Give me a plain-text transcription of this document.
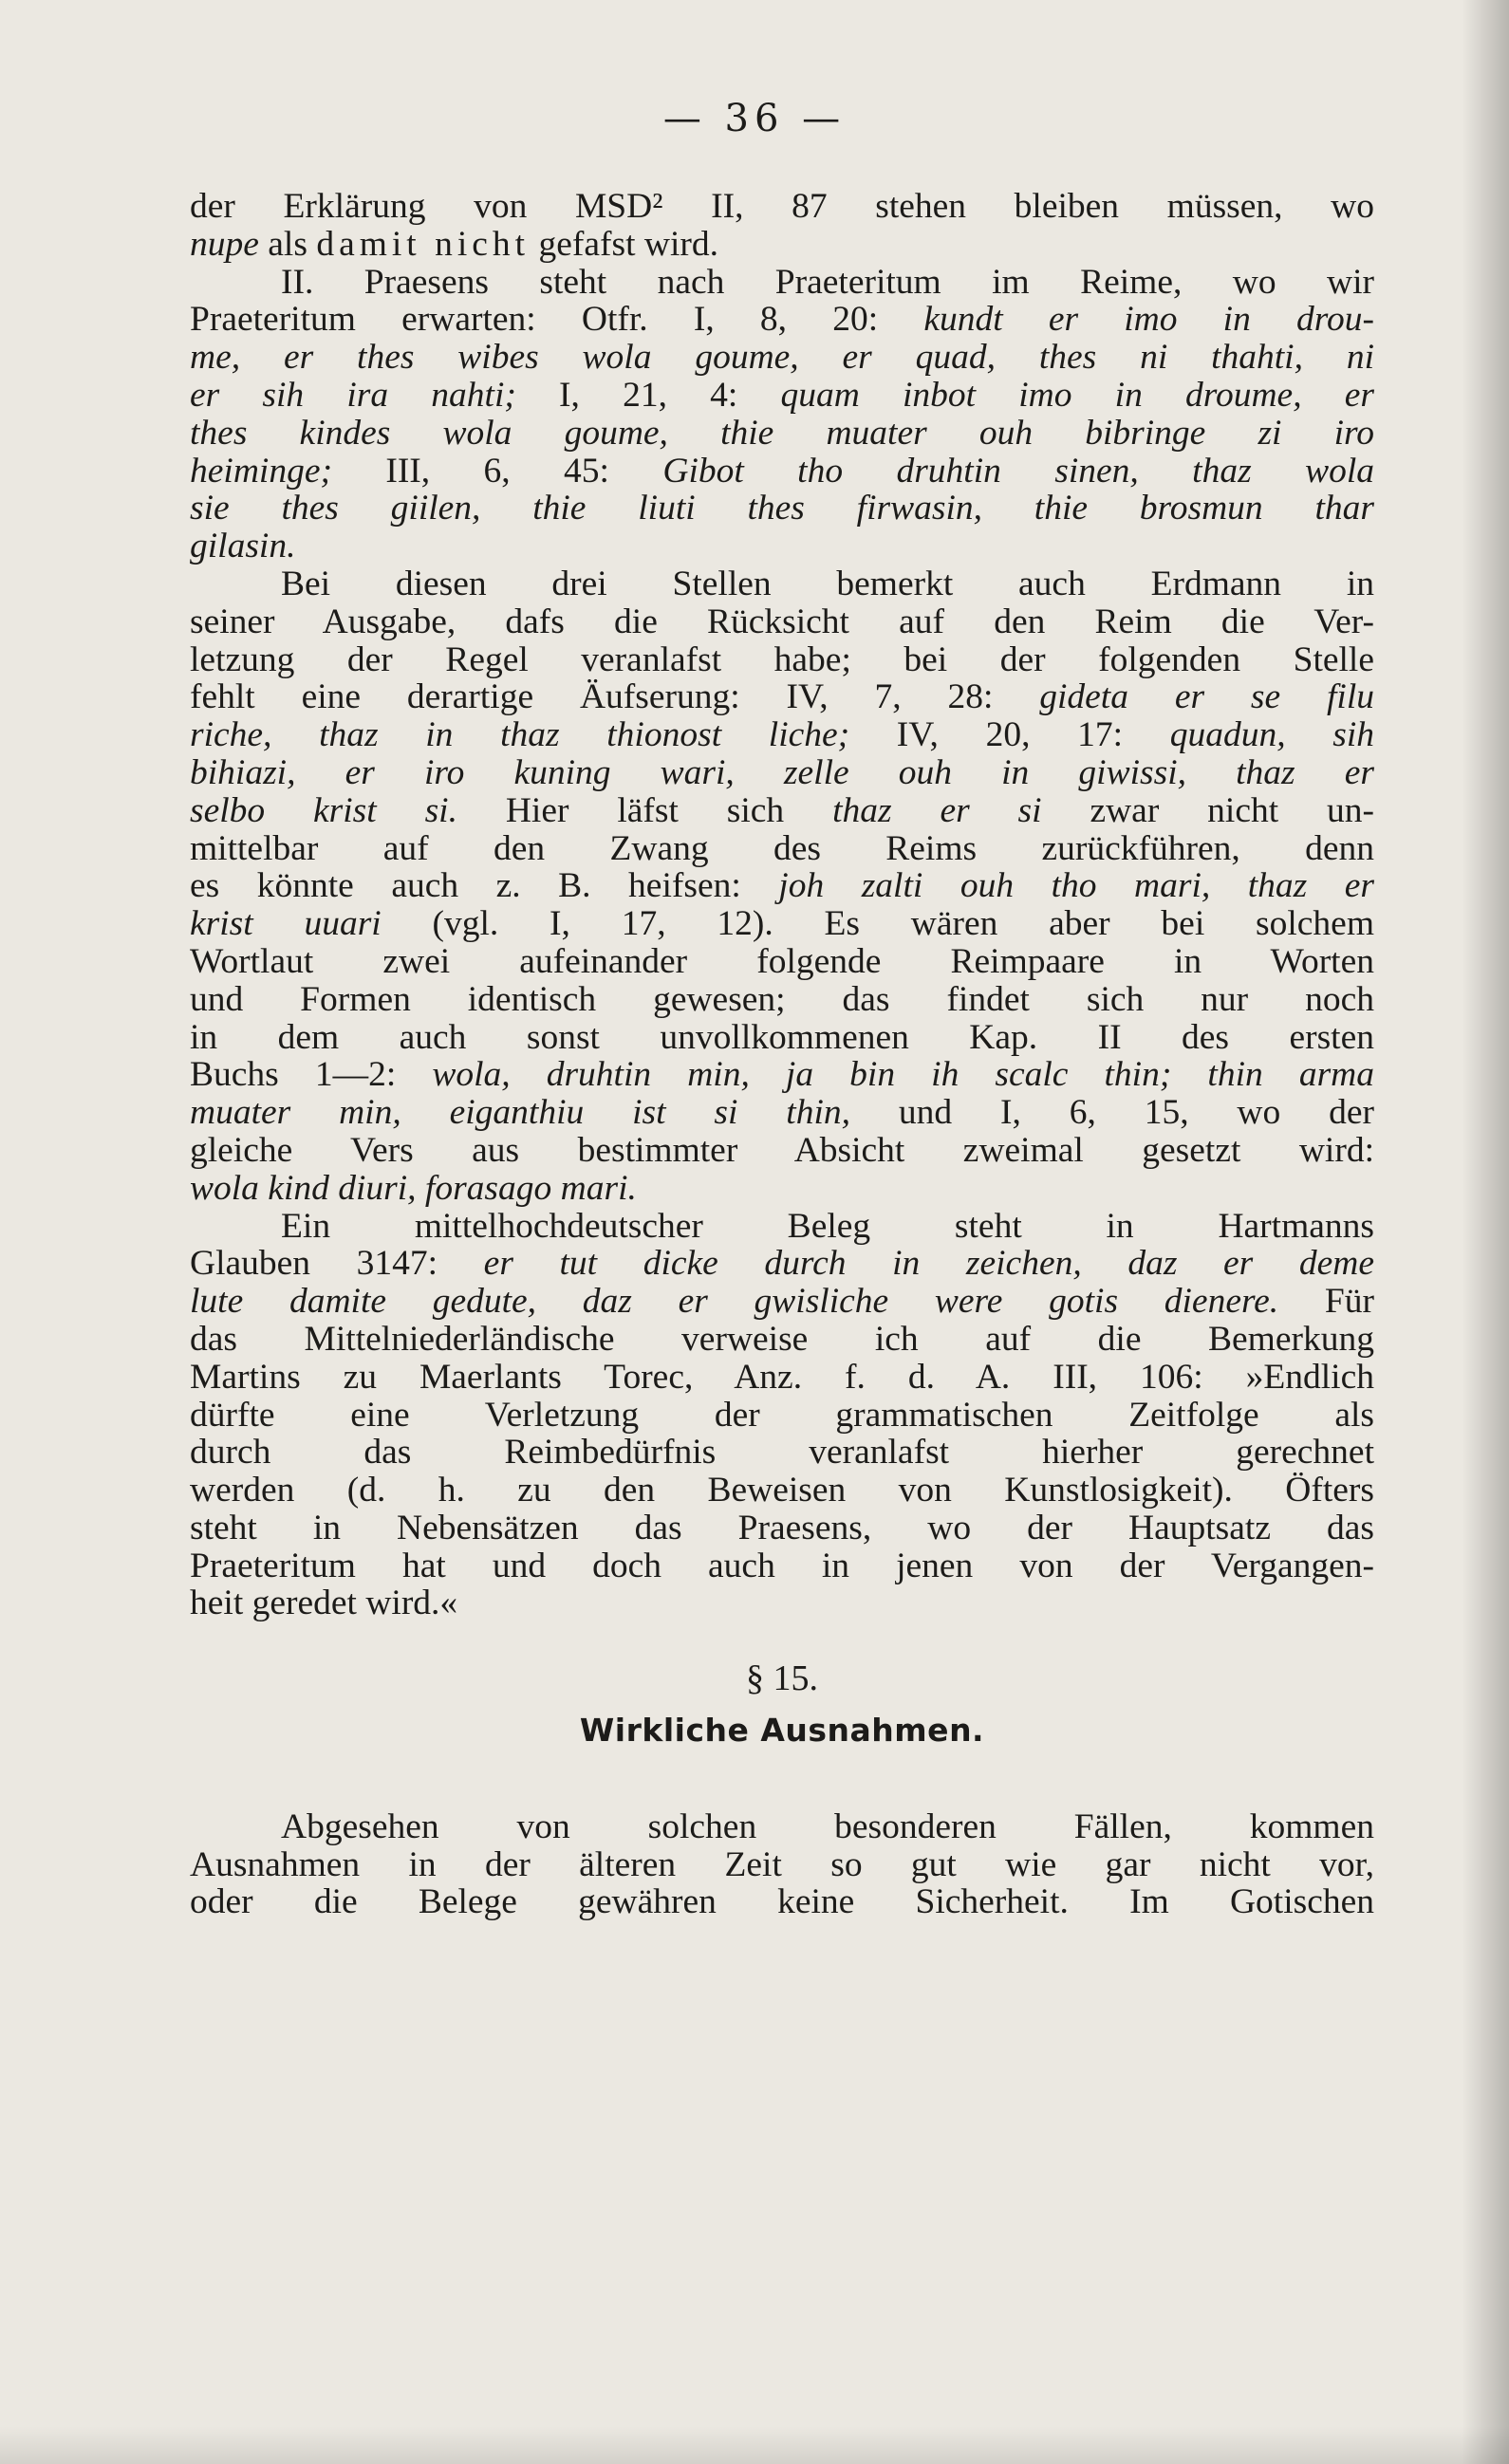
— 36 —
der Erklärung von MSD² II, 87 stehen bleiben müssen, wo
nupe als damit nicht gefafst wird.
II. Praesens steht nach Praeteritum im Reime, wo wir
Praeteritum erwarten: Otfr. I, 8, 20: kundt er imo in drou-
me, er thes wibes wola goume, er quad, thes ni thahti, ni
er sih ira nahti; I, 21, 4: quam inbot imo in droume, er
thes kindes wola goume, thie muater ouh bibringe zi iro
heiminge; III, 6, 45: Gibot tho druhtin sinen, thaz wola
sie thes giilen, thie liuti thes firwasin, thie brosmun thar
gilasin.
Bei diesen drei Stellen bemerkt auch Erdmann in
seiner Ausgabe, dafs die Rücksicht auf den Reim die Ver-
letzung der Regel veranlafst habe; bei der folgenden Stelle
fehlt eine derartige Äufserung: IV, 7, 28: gideta er se filu
riche, thaz in thaz thionost liche; IV, 20, 17: quadun, sih
bihiazi, er iro kuning wari, zelle ouh in giwissi, thaz er
selbo krist si. Hier läfst sich thaz er si zwar nicht un-
mittelbar auf den Zwang des Reims zurückführen, denn
es könnte auch z. B. heifsen: joh zalti ouh tho mari, thaz er
krist uuari (vgl. I, 17, 12). Es wären aber bei solchem
Wortlaut zwei aufeinander folgende Reimpaare in Worten
und Formen identisch gewesen; das findet sich nur noch
in dem auch sonst unvollkommenen Kap. II des ersten
Buchs 1—2: wola, druhtin min, ja bin ih scalc thin; thin arma
muater min, eiganthiu ist si thin, und I, 6, 15, wo der
gleiche Vers aus bestimmter Absicht zweimal gesetzt wird:
wola kind diuri, forasago mari.
Ein mittelhochdeutscher Beleg steht in Hartmanns
Glauben 3147: er tut dicke durch in zeichen, daz er deme
lute damite gedute, daz er gwisliche were gotis dienere. Für
das Mittelniederländische verweise ich auf die Bemerkung
Martins zu Maerlants Torec, Anz. f. d. A. III, 106: »Endlich
dürfte eine Verletzung der grammatischen Zeitfolge als
durch das Reimbedürfnis veranlafst hierher gerechnet
werden (d. h. zu den Beweisen von Kunstlosigkeit). Öfters
steht in Nebensätzen das Praesens, wo der Hauptsatz das
Praeteritum hat und doch auch in jenen von der Vergangen-
heit geredet wird.«
§ 15.
Wirkliche Ausnahmen.
Abgesehen von solchen besonderen Fällen, kommen
Ausnahmen in der älteren Zeit so gut wie gar nicht vor,
oder die Belege gewähren keine Sicherheit. Im Gotischen
